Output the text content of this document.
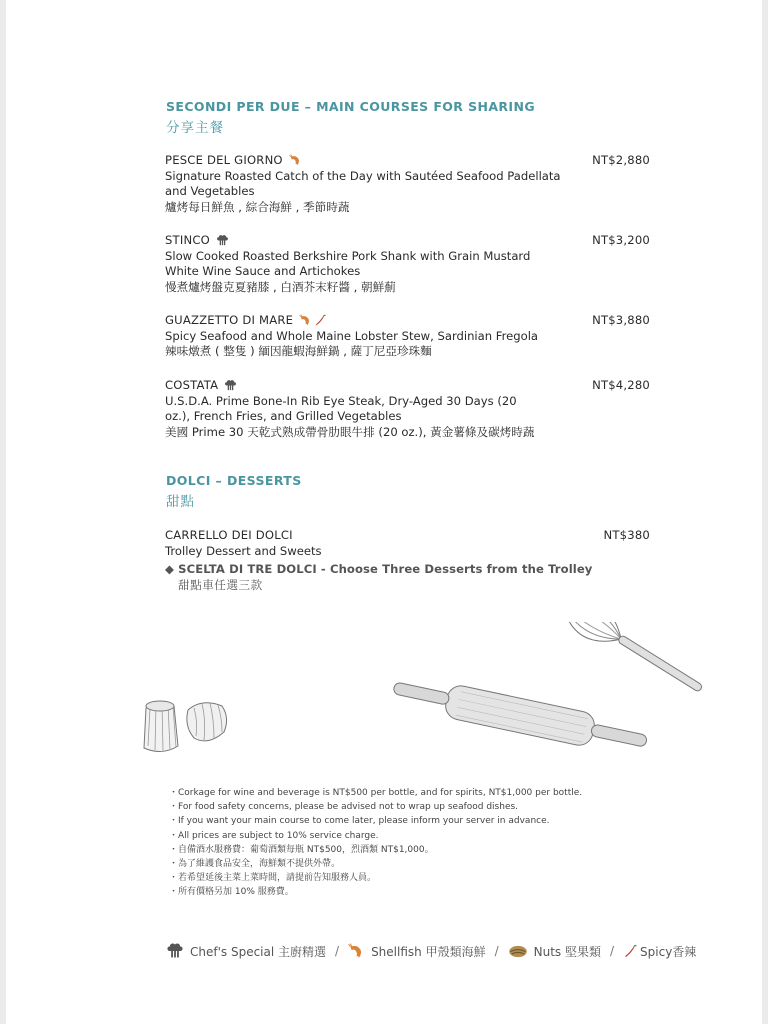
SECONDI PER DUE – MAIN COURSES FOR SHARING
分享主餐
PESCE DEL GIORNO	NT$2,880
Signature Roasted Catch of the Day with Sautéed Seafood Padellata and Vegetables
爐烤每日鮮魚 , 綜合海鮮 , 季節時蔬
STINCO	NT$3,200
Slow Cooked Roasted Berkshire Pork Shank with Grain Mustard White Wine Sauce and Artichokes
慢煮爐烤盤克夏豬膝 , 白酒芥末籽醬 , 朝鮮薊
GUAZZETTO DI MARE	NT$3,880
Spicy Seafood and Whole Maine Lobster Stew, Sardinian Fregola
辣味燉煮 ( 整隻 ) 緬因龍蝦海鮮鍋 , 薩丁尼亞珍珠麵
COSTATA	NT$4,280
U.S.D.A. Prime Bone-In Rib Eye Steak, Dry-Aged 30 Days (20 oz.), French Fries, and Grilled Vegetables
美國 Prime 30 天乾式熟成帶骨肋眼牛排 (20 oz.), 黃金薯條及碳烤時蔬
DOLCI – DESSERTS
甜點
CARRELLO DEI DOLCI	NT$380
Trolley Dessert and Sweets
◆ SCELTA DI TRE DOLCI - Choose Three Desserts from the Trolley
甜點車任選三款
・Corkage for wine and beverage is NT$500 per bottle, and for spirits, NT$1,000 per bottle.
・For food safety concerns, please be advised not to wrap up seafood dishes.
・If you want your main course to come later, please inform your server in advance.
・All prices are subject to 10% service charge.
・自備酒水服務費：葡萄酒類每瓶 NT$500，烈酒類 NT$1,000。
・為了維護食品安全，海鮮類不提供外帶。
・若希望延後主菜上菜時間，請提前告知服務人員。
・所有價格另加 10% 服務費。
Chef's Special 主廚精選 /	Shellfish 甲殼類海鮮 /	Nuts 堅果類 / Spicy香辣
